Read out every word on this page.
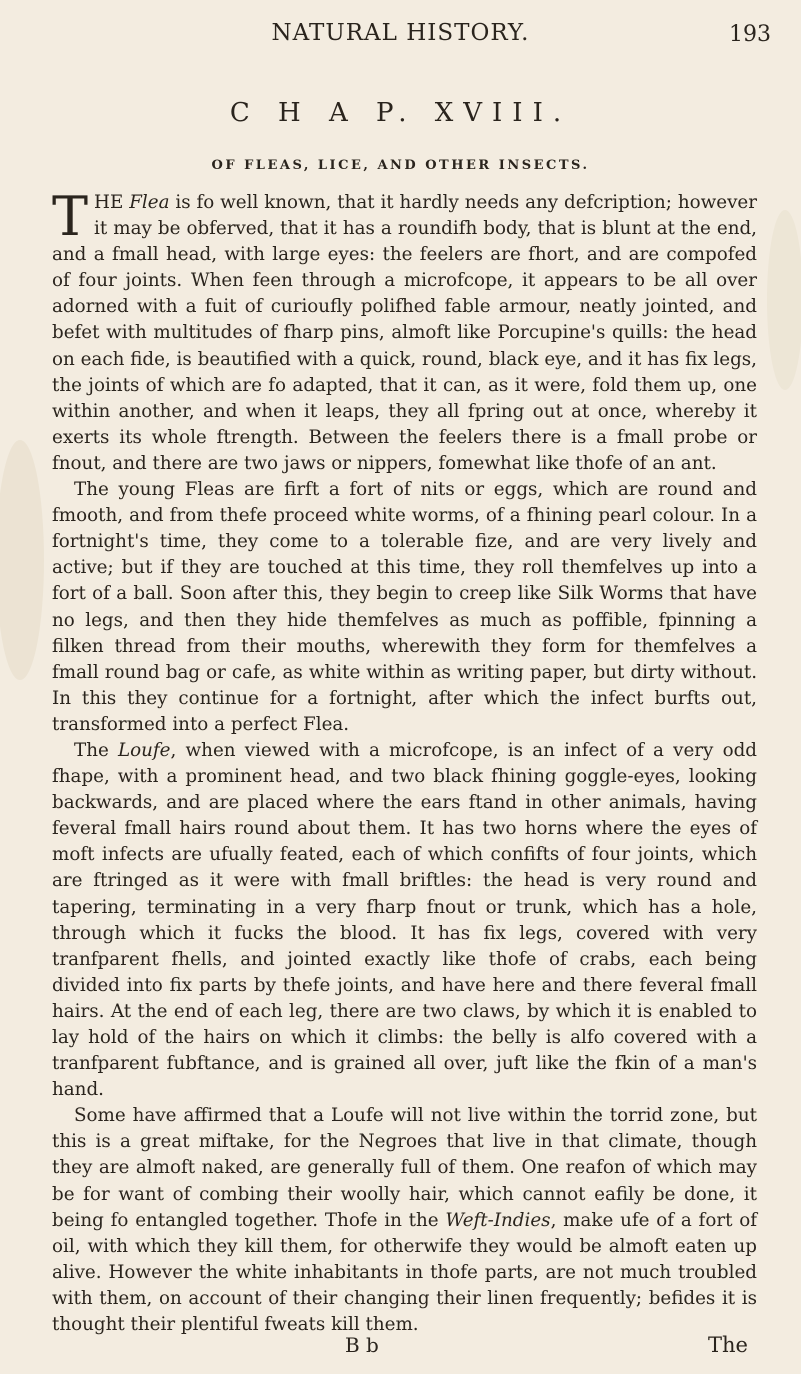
NATURAL HISTORY.	193
C H A P. XVIII.
OF FLEAS, LICE, AND OTHER INSECTS.

THE Flea is fo well known, that it hardly needs any defcription; however it may be obferved, that it has a roundifh body, that is blunt at the end, and a fmall head, with large eyes: the feelers are fhort, and are compofed of four joints. When feen through a microfcope, it appears to be all over adorned with a fuit of curioufly polifhed fable armour, neatly jointed, and befet with multitudes of fharp pins, almoft like Porcupine's quills: the head on each fide, is beautified with a quick, round, black eye, and it has fix legs, the joints of which are fo adapted, that it can, as it were, fold them up, one within another, and when it leaps, they all fpring out at once, whereby it exerts its whole ftrength. Between the feelers there is a fmall probe or fnout, and there are two jaws or nippers, fomewhat like thofe of an ant.

The young Fleas are firft a fort of nits or eggs, which are round and fmooth, and from thefe proceed white worms, of a fhining pearl colour. In a fortnight's time, they come to a tolerable fize, and are very lively and active; but if they are touched at this time, they roll themfelves up into a fort of a ball. Soon after this, they begin to creep like Silk Worms that have no legs, and then they hide themfelves as much as poffible, fpinning a filken thread from their mouths, wherewith they form for themfelves a fmall round bag or cafe, as white within as writing paper, but dirty without. In this they continue for a fortnight, after which the infect burfts out, transformed into a perfect Flea.

The Loufe, when viewed with a microfcope, is an infect of a very odd fhape, with a prominent head, and two black fhining goggle-eyes, looking backwards, and are placed where the ears ftand in other animals, having feveral fmall hairs round about them. It has two horns where the eyes of moft infects are ufually feated, each of which confifts of four joints, which are ftringed as it were with fmall briftles: the head is very round and tapering, terminating in a very fharp fnout or trunk, which has a hole, through which it fucks the blood. It has fix legs, covered with very tranfparent fhells, and jointed exactly like thofe of crabs, each being divided into fix parts by thefe joints, and have here and there feveral fmall hairs. At the end of each leg, there are two claws, by which it is enabled to lay hold of the hairs on which it climbs: the belly is alfo covered with a tranfparent fubftance, and is grained all over, juft like the fkin of a man's hand.

Some have affirmed that a Loufe will not live within the torrid zone, but this is a great miftake, for the Negroes that live in that climate, though they are almoft naked, are generally full of them. One reafon of which may be for want of combing their woolly hair, which cannot eafily be done, it being fo entangled together. Thofe in the Weft-Indies, make ufe of a fort of oil, with which they kill them, for otherwife they would be almoft eaten up alive. However the white inhabitants in thofe parts, are not much troubled with them, on account of their changing their linen frequently; befides it is thought their plentiful fweats kill them.

B b	The
